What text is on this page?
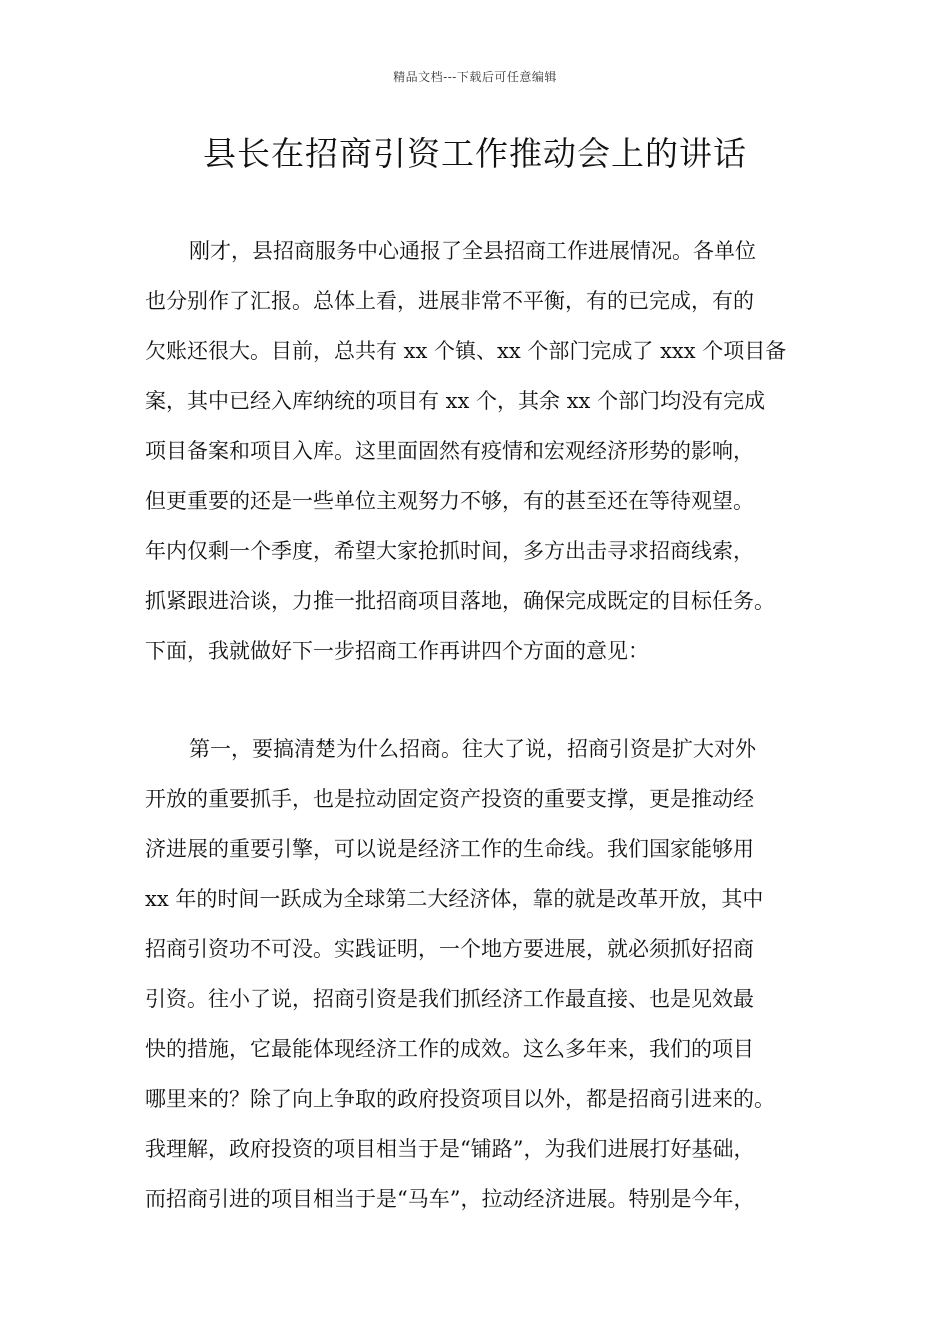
精品文档---下载后可任意编辑
县长在招商引资工作推动会上的讲话
刚才，县招商服务中心通报了全县招商工作进展情况。各单位
也分别作了汇报。总体上看，进展非常不平衡，有的已完成，有的
欠账还很大。目前，总共有 xx 个镇、xx 个部门完成了 xxx 个项目备
案，其中已经入库纳统的项目有 xx 个，其余 xx 个部门均没有完成
项目备案和项目入库。这里面固然有疫情和宏观经济形势的影响，
但更重要的还是一些单位主观努力不够，有的甚至还在等待观望。
年内仅剩一个季度，希望大家抢抓时间，多方出击寻求招商线索，
抓紧跟进洽谈，力推一批招商项目落地，确保完成既定的目标任务。
下面，我就做好下一步招商工作再讲四个方面的意见：
第一，要搞清楚为什么招商。往大了说，招商引资是扩大对外
开放的重要抓手，也是拉动固定资产投资的重要支撑，更是推动经
济进展的重要引擎，可以说是经济工作的生命线。我们国家能够用
xx 年的时间一跃成为全球第二大经济体，靠的就是改革开放，其中
招商引资功不可没。实践证明，一个地方要进展，就必须抓好招商
引资。往小了说，招商引资是我们抓经济工作最直接、也是见效最
快的措施，它最能体现经济工作的成效。这么多年来，我们的项目
哪里来的？除了向上争取的政府投资项目以外，都是招商引进来的。
我理解，政府投资的项目相当于是“铺路”，为我们进展打好基础，
而招商引进的项目相当于是“马车”，拉动经济进展。特别是今年，
